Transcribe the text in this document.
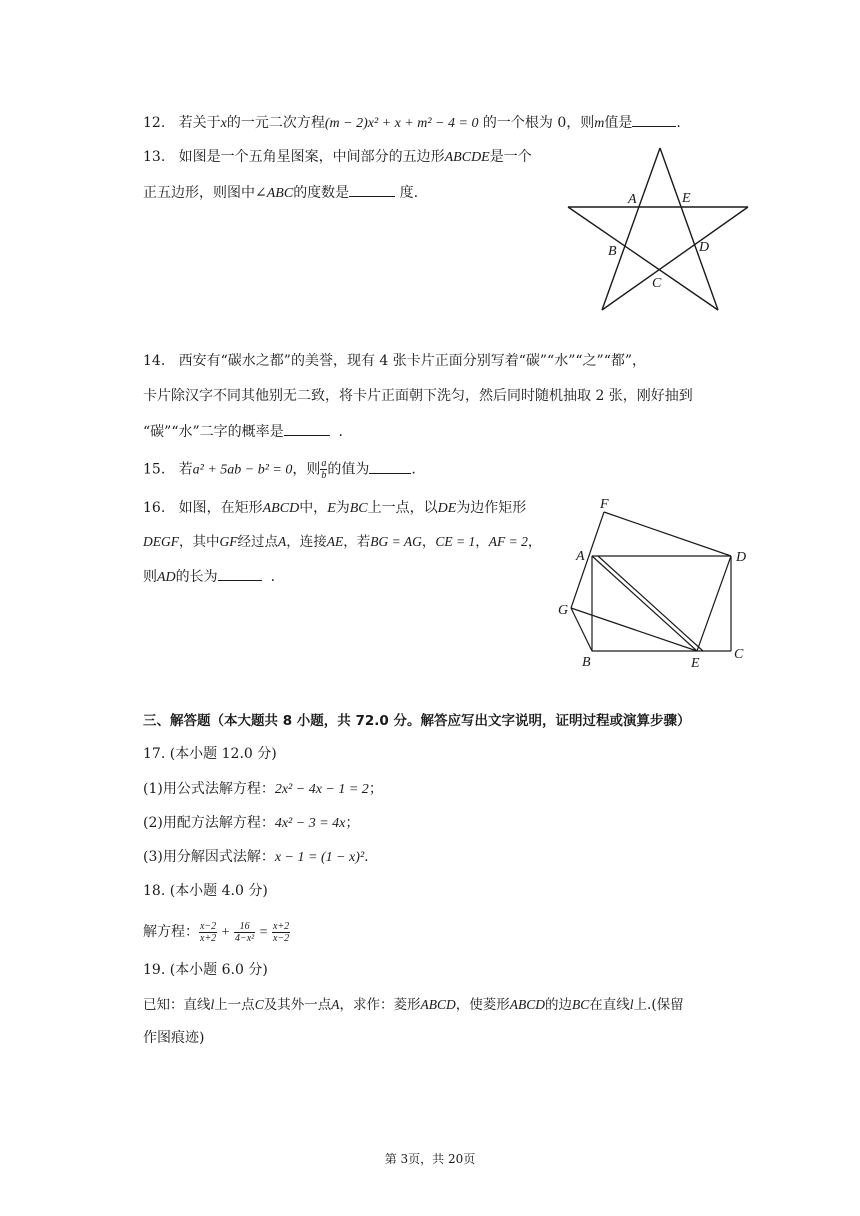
12. 若关于x的一元二次方程(m − 2)x² + x + m² − 4 = 0 的一个根为 0，则m值是	.
13. 如图是一个五角星图案，中间部分的五边形ABCDE是一个
正五边形，则图中∠ABC的度数是	度.	A	E
B	D
C
14. 西安有“碳水之都”的美誉，现有 4 张卡片正面分别写着“碳”“水”“之”“都”，
卡片除汉字不同其他别无二致，将卡片正面朝下洗匀，然后同时随机抽取 2 张，刚好抽到
“碳”“水”二字的概率是	.
15. 若a² + 5ab − b² = 0，则 $\frac{a}{b}$ 的值为	.
16. 如图，在矩形ABCD中，E为BC上一点，以DE为边作矩形
DEGF，其中GF经过点A，连接AE，若BG = AG，CE = 1，AF = 2，
则AD的长为	.
F
A	D
G
B	E
C
三、解答题（本大题共 8 小题，共 72.0 分。解答应写出文字说明，证明过程或演算步骤）
17. (本小题 12.0 分)
(1)用公式法解方程：2x² − 4x − 1 = 2；
(2)用配方法解方程：4x² − 3 = 4x；
(3)用分解因式法解：x − 1 = (1 − x)².
18. (本小题 4.0 分)
解方程： $\frac{x-2}{x+2} + \frac{16}{\text{4−x²}} = \frac{x+2}{x-2}$
19. (本小题 6.0 分)
已知：直线l上一点C及其外一点A，求作：菱形ABCD，使菱形ABCD的边BC在直线l上.(保留
作图痕迹)
第 3页，共 20页
